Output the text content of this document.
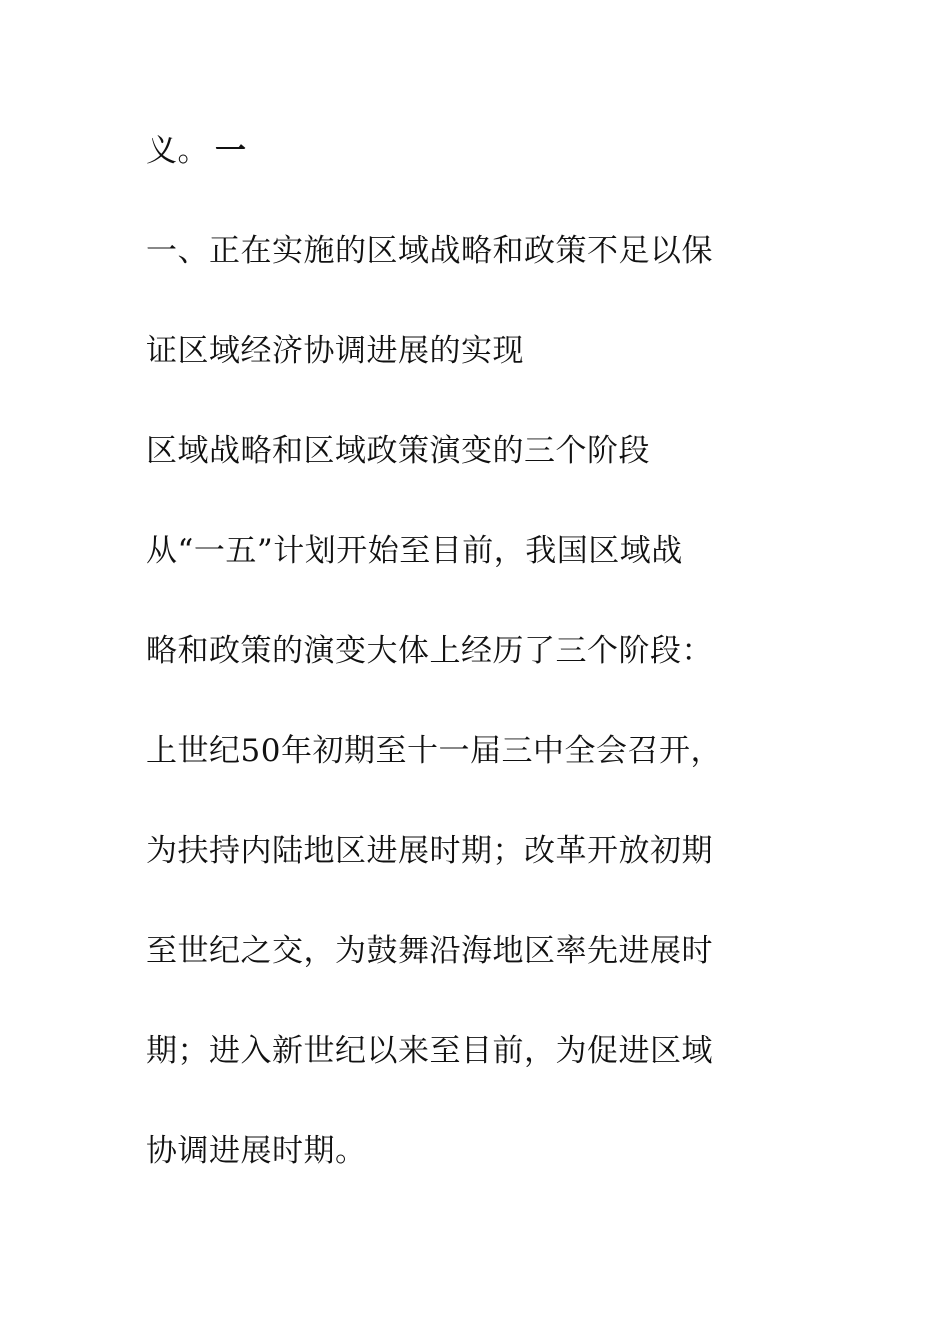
义。 ⼀

一、正在实施的区域战略和政策不足以保

证区域经济协调进展的实现

区域战略和区域政策演变的三个阶段

从“一五”计划开始至目前，我国区域战

略和政策的演变大体上经历了三个阶段：

上世纪50年初期至十一届三中全会召开，

为扶持内陆地区进展时期；改革开放初期

至世纪之交，为鼓舞沿海地区率先进展时

期；进入新世纪以来至目前，为促进区域

协调进展时期。
